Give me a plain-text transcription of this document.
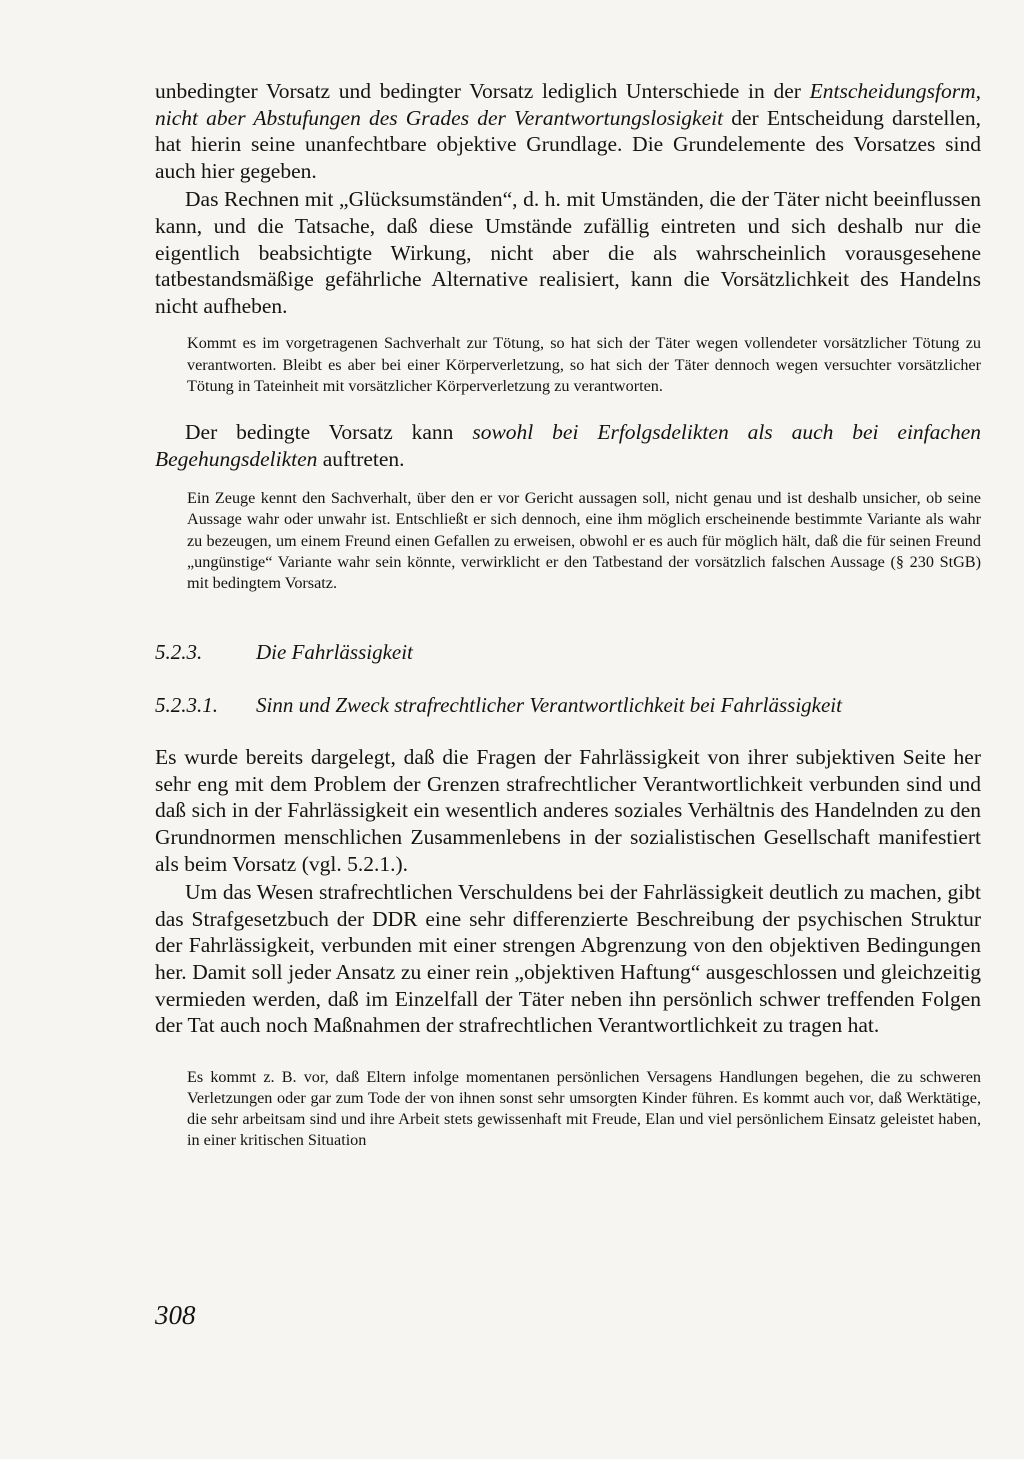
unbedingter Vorsatz und bedingter Vorsatz lediglich Unterschiede in der Entscheidungsform, nicht aber Abstufungen des Grades der Verantwortungslosigkeit der Entscheidung darstellen, hat hierin seine unanfechtbare objektive Grundlage. Die Grundelemente des Vorsatzes sind auch hier gegeben.

Das Rechnen mit „Glücksumständen“, d. h. mit Umständen, die der Täter nicht beeinflussen kann, und die Tatsache, daß diese Umstände zufällig eintreten und sich deshalb nur die eigentlich beabsichtigte Wirkung, nicht aber die als wahrscheinlich vorausgesehene tatbestandsmäßige gefährliche Alternative realisiert, kann die Vorsätzlichkeit des Handelns nicht aufheben.

Kommt es im vorgetragenen Sachverhalt zur Tötung, so hat sich der Täter wegen vollendeter vorsätzlicher Tötung zu verantworten. Bleibt es aber bei einer Körperverletzung, so hat sich der Täter dennoch wegen versuchter vorsätzlicher Tötung in Tateinheit mit vorsätzlicher Körperverletzung zu verantworten.

Der bedingte Vorsatz kann sowohl bei Erfolgsdelikten als auch bei einfachen Begehungsdelikten auftreten.

Ein Zeuge kennt den Sachverhalt, über den er vor Gericht aussagen soll, nicht genau und ist deshalb unsicher, ob seine Aussage wahr oder unwahr ist. Entschließt er sich dennoch, eine ihm möglich erscheinende bestimmte Variante als wahr zu bezeugen, um einem Freund einen Gefallen zu erweisen, obwohl er es auch für möglich hält, daß die für seinen Freund „ungünstige“ Variante wahr sein könnte, verwirklicht er den Tatbestand der vorsätzlich falschen Aussage (§ 230 StGB) mit bedingtem Vorsatz.

5.2.3.	Die Fahrlässigkeit
5.2.3.1.	Sinn und Zweck strafrechtlicher Verantwortlichkeit bei Fahrlässigkeit

Es wurde bereits dargelegt, daß die Fragen der Fahrlässigkeit von ihrer subjektiven Seite her sehr eng mit dem Problem der Grenzen strafrechtlicher Verantwortlichkeit verbunden sind und daß sich in der Fahrlässigkeit ein wesentlich anderes soziales Verhältnis des Handelnden zu den Grundnormen menschlichen Zusammenlebens in der sozialistischen Gesellschaft manifestiert als beim Vorsatz (vgl. 5.2.1.).

Um das Wesen strafrechtlichen Verschuldens bei der Fahrlässigkeit deutlich zu machen, gibt das Strafgesetzbuch der DDR eine sehr differenzierte Beschreibung der psychischen Struktur der Fahrlässigkeit, verbunden mit einer strengen Abgrenzung von den objektiven Bedingungen her. Damit soll jeder Ansatz zu einer rein „objektiven Haftung“ ausgeschlossen und gleichzeitig vermieden werden, daß im Einzelfall der Täter neben ihn persönlich schwer treffenden Folgen der Tat auch noch Maßnahmen der strafrechtlichen Verantwortlichkeit zu tragen hat.

Es kommt z. B. vor, daß Eltern infolge momentanen persönlichen Versagens Handlungen begehen, die zu schweren Verletzungen oder gar zum Tode der von ihnen sonst sehr umsorgten Kinder führen. Es kommt auch vor, daß Werktätige, die sehr arbeitsam sind und ihre Arbeit stets gewissenhaft mit Freude, Elan und viel persönlichem Einsatz geleistet haben, in einer kritischen Situation

308
